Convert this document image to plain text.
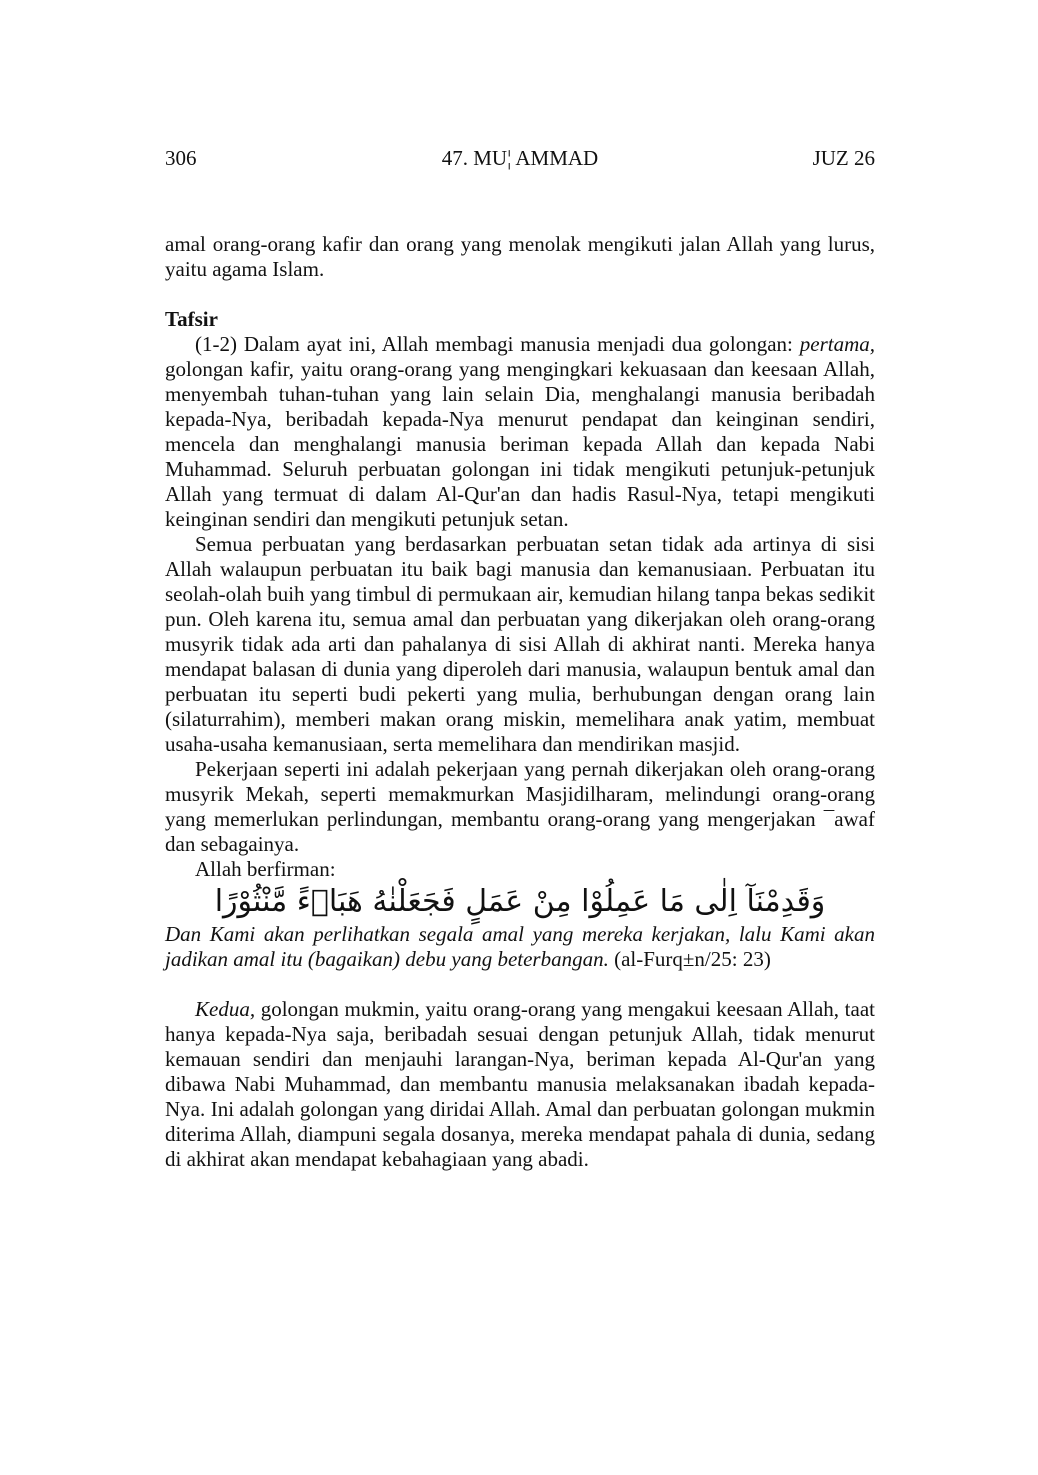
306	47. MU¦ AMMAD	JUZ 26

amal orang-orang kafir dan orang yang menolak mengikuti jalan Allah yang lurus, yaitu agama Islam.

Tafsir

(1-2) Dalam ayat ini, Allah membagi manusia menjadi dua golongan: pertama, golongan kafir, yaitu orang-orang yang mengingkari kekuasaan dan keesaan Allah, menyembah tuhan-tuhan yang lain selain Dia, menghalangi manusia beribadah kepada-Nya, beribadah kepada-Nya menurut pendapat dan keinginan sendiri, mencela dan menghalangi manusia beriman kepada Allah dan kepada Nabi Muhammad. Seluruh perbuatan golongan ini tidak mengikuti petunjuk-petunjuk Allah yang termuat di dalam Al-Qur'an dan hadis Rasul-Nya, tetapi mengikuti keinginan sendiri dan mengikuti petunjuk setan.

Semua perbuatan yang berdasarkan perbuatan setan tidak ada artinya di sisi Allah walaupun perbuatan itu baik bagi manusia dan kemanusiaan. Perbuatan itu seolah-olah buih yang timbul di permukaan air, kemudian hilang tanpa bekas sedikit pun. Oleh karena itu, semua amal dan perbuatan yang dikerjakan oleh orang-orang musyrik tidak ada arti dan pahalanya di sisi Allah di akhirat nanti. Mereka hanya mendapat balasan di dunia yang diperoleh dari manusia, walaupun bentuk amal dan perbuatan itu seperti budi pekerti yang mulia, berhubungan dengan orang lain (silaturrahim), memberi makan orang miskin, memelihara anak yatim, membuat usaha-usaha kemanusiaan, serta memelihara dan mendirikan masjid.

Pekerjaan seperti ini adalah pekerjaan yang pernah dikerjakan oleh orang-orang musyrik Mekah, seperti memakmurkan Masjidilharam, melindungi orang-orang yang memerlukan perlindungan, membantu orang-orang yang mengerjakan ¯awaf dan sebagainya.

Allah berfirman:

وَقَدِمْنَآ اِلٰى مَا عَمِلُوْا مِنْ عَمَلٍ فَجَعَلْنٰهُ هَبَاۤءً مَّنْثُوْرًا

Dan Kami akan perlihatkan segala amal yang mereka kerjakan, lalu Kami akan jadikan amal itu (bagaikan) debu yang beterbangan. (al-Furq±n/25: 23)

Kedua, golongan mukmin, yaitu orang-orang yang mengakui keesaan Allah, taat hanya kepada-Nya saja, beribadah sesuai dengan petunjuk Allah, tidak menurut kemauan sendiri dan menjauhi larangan-Nya, beriman kepada Al-Qur'an yang dibawa Nabi Muhammad, dan membantu manusia melaksanakan ibadah kepada-Nya. Ini adalah golongan yang diridai Allah. Amal dan perbuatan golongan mukmin diterima Allah, diampuni segala dosanya, mereka mendapat pahala di dunia, sedang di akhirat akan mendapat kebahagiaan yang abadi.
